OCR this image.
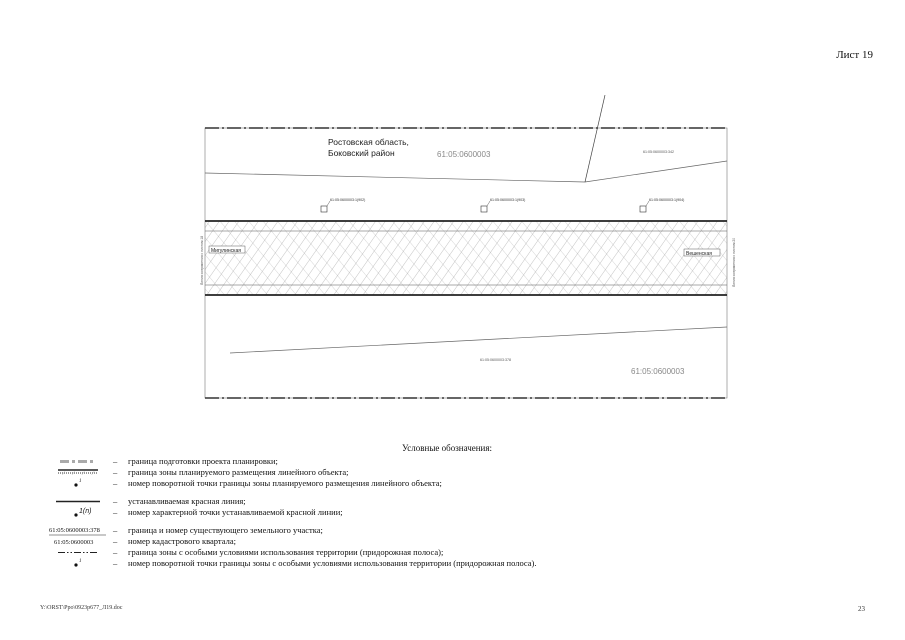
Лист 19
Ростовская область,
Боковский район	61:05:0600003	61:05:0600003:342
61:05:0600003:1(902)	61:05:0600003:1(903)	61:05:0600003:1(904)
Мигулинская	Вешенская
Линия сопряжения с листом 18	Линия сопряжения с листом 20
61:05:0600003:378
61:05:0600003
Условные обозначения:
– граница подготовки проекта планировки;
– граница зоны планируемого размещения линейного объекта;
1	– номер поворотной точки границы зоны планируемого размещения линейного объекта;
– устанавливаемая красная линия;
1(n)	– номер характерной точки устанавливаемой красной линии;
61:05:0600003:378 – граница и номер существующего земельного участка;
61:05:0600003 – номер кадастрового квартала;
– граница зоны с особыми условиями использования территории (придорожная полоса);
1	– номер поворотной точки границы зоны с особыми условиями использования территории (придорожная полоса).
Y:\ORST\Ppo\0923p677_Л19.doc	23
